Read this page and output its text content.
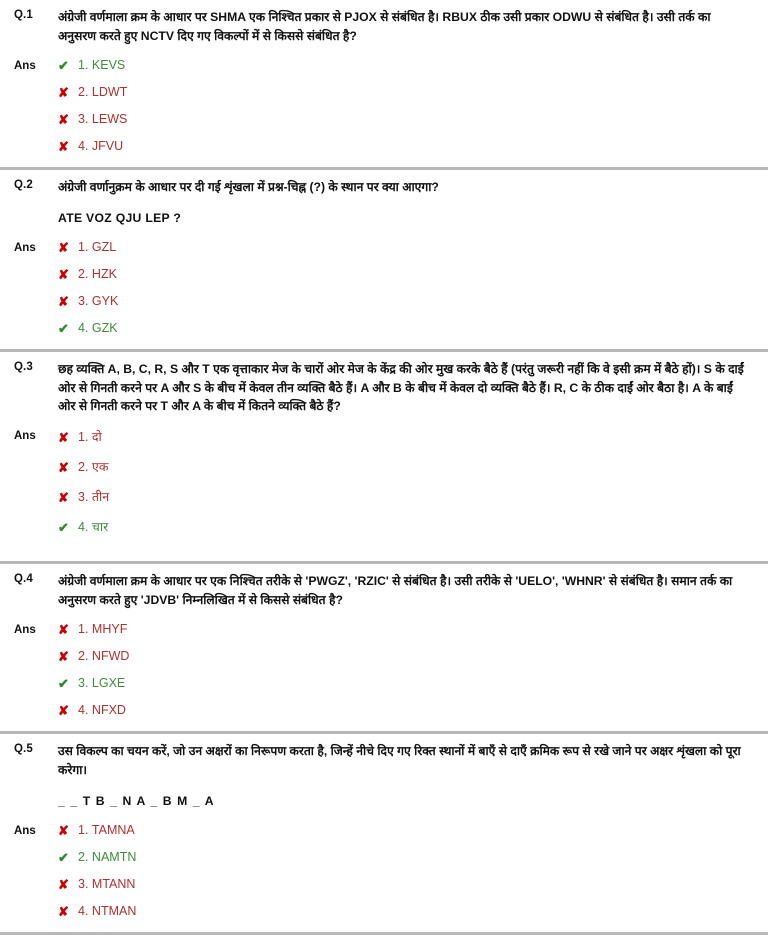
Q.1	अंग्रेजी वर्णमाला क्रम के आधार पर SHMA एक निश्चित प्रकार से PJOX से संबंधित है। RBUX ठीक उसी प्रकार ODWU से संबंधित है। उसी तर्क का अनुसरण करते हुए NCTV दिए गए विकल्पों में से किससे संबंधित है?
Ans	✔ 1.
KEVS
✘ 2.
LDWT
✘ 3.
LEWS
✘ 4.
JFVU
Q.2	अंग्रेजी वर्णानुक्रम के आधार पर दी गई शृंखला में प्रश्न-चिह्न (?) के स्थान पर क्या आएगा?
ATE VOZ QJU LEP ?
Ans	✘ 1.
GZL
✘ 2.
HZK
✘ 3.
GYK
✔ 4.
GZK
Q.3	छह व्यक्ति A, B, C, R, S और T एक वृत्ताकार मेज के चारों ओर मेज के केंद्र की ओर मुख करके बैठे हैं (परंतु जरूरी नहीं कि वे इसी क्रम में बैठे हों)। S के दाईं ओर से गिनती करने पर A और S के बीच में केवल तीन व्यक्ति बैठे हैं। A और B के बीच में केवल दो व्यक्ति बैठे हैं। R, C के ठीक दाईं ओर बैठा है। A के बाईं ओर से गिनती करने पर T और A के बीच में कितने व्यक्ति बैठे हैं?
Ans	✘ 1.
दो
✘ 2.
एक
✘ 3.
तीन
✔ 4.
चार
Q.4	अंग्रेजी वर्णमाला क्रम के आधार पर एक निश्चित तरीके से 'PWGZ', 'RZIC' से संबंधित है। उसी तरीके से 'UELO', 'WHNR' से संबंधित है। समान तर्क का अनुसरण करते हुए 'JDVB' निम्नलिखित में से किससे संबंधित है?
Ans	✘ 1.
MHYF
✘ 2.
NFWD
✔ 3.
LGXE
✘ 4.
NFXD
Q.5	उस विकल्प का चयन करें, जो उन अक्षरों का निरूपण करता है, जिन्हें नीचे दिए गए रिक्त स्थानों में बाएँ से दाएँ क्रमिक रूप से रखे जाने पर अक्षर शृंखला को पूरा करेगा।
_ _ T B _ N A _ B M _ A
Ans	✘ 1.
TAMNA
✔ 2.
NAMTN
✘ 3.
MTANN
✘ 4.
NTMAN
